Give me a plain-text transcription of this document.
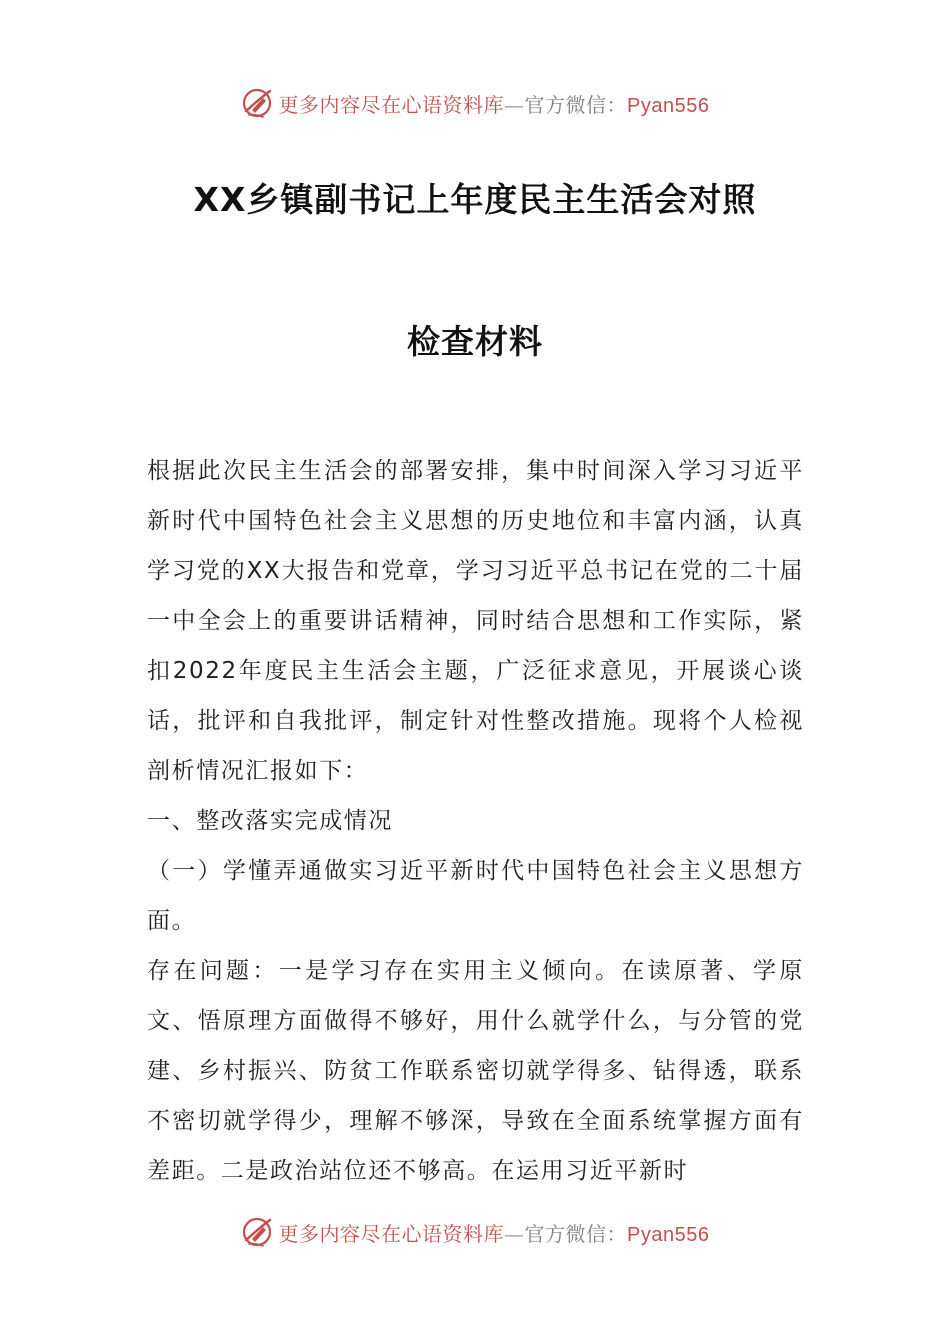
更多内容尽在心语资料库—官方微信：Pyan556
XX乡镇副书记上年度民主生活会对照
检查材料

根据此次民主生活会的部署安排，集中时间深入学习习近平新时代中国特色社会主义思想的历史地位和丰富内涵，认真学习党的XX大报告和党章，学习习近平总书记在党的二十届一中全会上的重要讲话精神，同时结合思想和工作实际，紧扣2022年度民主生活会主题，广泛征求意见，开展谈心谈话，批评和自我批评，制定针对性整改措施。现将个人检视剖析情况汇报如下：

一、整改落实完成情况

（一）学懂弄通做实习近平新时代中国特色社会主义思想方面。

存在问题：一是学习存在实用主义倾向。在读原著、学原文、悟原理方面做得不够好，用什么就学什么，与分管的党建、乡村振兴、防贫工作联系密切就学得多、钻得透，联系不密切就学得少，理解不够深，导致在全面系统掌握方面有差距。二是政治站位还不够高。在运用习近平新时

更多内容尽在心语资料库—官方微信：Pyan556
